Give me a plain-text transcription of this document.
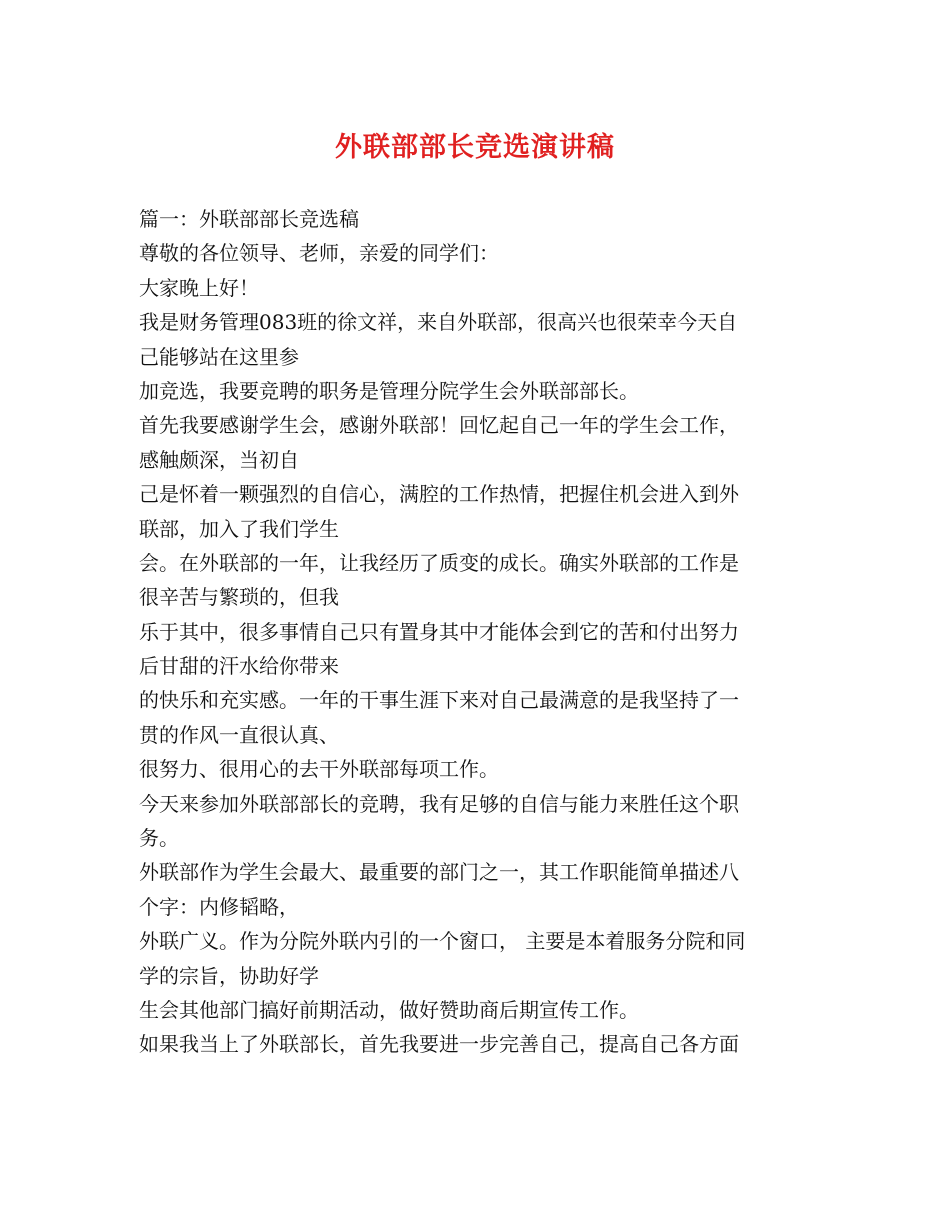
外联部部长竞选演讲稿
篇一：外联部部长竞选稿
尊敬的各位领导、老师，亲爱的同学们：
大家晚上好！
我是财务管理083班的徐文祥，来自外联部，很高兴也很荣幸今天自
己能够站在这里参
加竞选，我要竞聘的职务是管理分院学生会外联部部长。
首先我要感谢学生会，感谢外联部！回忆起自己一年的学生会工作，
感触颇深，当初自
己是怀着一颗强烈的自信心，满腔的工作热情，把握住机会进入到外
联部，加入了我们学生
会。在外联部的一年，让我经历了质变的成长。确实外联部的工作是
很辛苦与繁琐的，但我
乐于其中，很多事情自己只有置身其中才能体会到它的苦和付出努力
后甘甜的汗水给你带来
的快乐和充实感。一年的干事生涯下来对自己最满意的是我坚持了一
贯的作风一直很认真、
很努力、很用心的去干外联部每项工作。
今天来参加外联部部长的竞聘，我有足够的自信与能力来胜任这个职
务。
外联部作为学生会最大、最重要的部门之一，其工作职能简单描述八
个字：内修韬略，
外联广义。作为分院外联内引的一个窗口， 主要是本着服务分院和同
学的宗旨，协助好学
生会其他部门搞好前期活动，做好赞助商后期宣传工作。
如果我当上了外联部长，首先我要进一步完善自己，提高自己各方面
